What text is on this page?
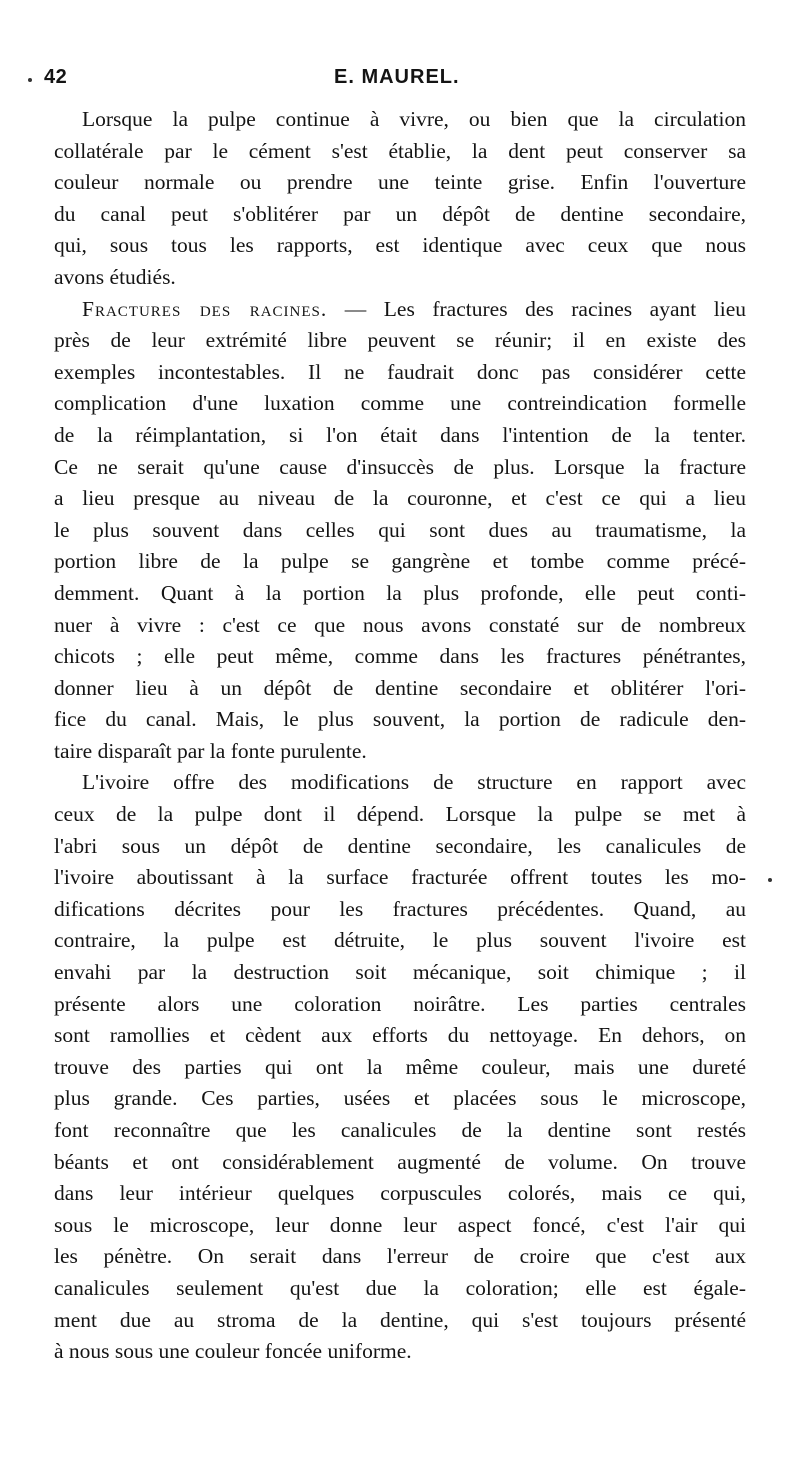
42	E. MAUREL.
Lorsque la pulpe continue à vivre, ou bien que la circulation
collatérale par le cément s'est établie, la dent peut conserver sa
couleur normale ou prendre une teinte grise. Enfin l'ouverture
du canal peut s'oblitérer par un dépôt de dentine secondaire,
qui, sous tous les rapports, est identique avec ceux que nous
avons étudiés.
Fractures des racines. — Les fractures des racines ayant lieu
près de leur extrémité libre peuvent se réunir; il en existe des
exemples incontestables. Il ne faudrait donc pas considérer cette
complication d'une luxation comme une contreindication formelle
de la réimplantation, si l'on était dans l'intention de la tenter.
Ce ne serait qu'une cause d'insuccès de plus. Lorsque la fracture
a lieu presque au niveau de la couronne, et c'est ce qui a lieu
le plus souvent dans celles qui sont dues au traumatisme, la
portion libre de la pulpe se gangrène et tombe comme précé-
demment. Quant à la portion la plus profonde, elle peut conti-
nuer à vivre : c'est ce que nous avons constaté sur de nombreux
chicots ; elle peut même, comme dans les fractures pénétrantes,
donner lieu à un dépôt de dentine secondaire et oblitérer l'ori-
fice du canal. Mais, le plus souvent, la portion de radicule den-
taire disparaît par la fonte purulente.
L'ivoire offre des modifications de structure en rapport avec
ceux de la pulpe dont il dépend. Lorsque la pulpe se met à
l'abri sous un dépôt de dentine secondaire, les canalicules de
l'ivoire aboutissant à la surface fracturée offrent toutes les mo-
difications décrites pour les fractures précédentes. Quand, au
contraire, la pulpe est détruite, le plus souvent l'ivoire est
envahi par la destruction soit mécanique, soit chimique ; il
présente alors une coloration noirâtre. Les parties centrales
sont ramollies et cèdent aux efforts du nettoyage. En dehors, on
trouve des parties qui ont la même couleur, mais une dureté
plus grande. Ces parties, usées et placées sous le microscope,
font reconnaître que les canalicules de la dentine sont restés
béants et ont considérablement augmenté de volume. On trouve
dans leur intérieur quelques corpuscules colorés, mais ce qui,
sous le microscope, leur donne leur aspect foncé, c'est l'air qui
les pénètre. On serait dans l'erreur de croire que c'est aux
canalicules seulement qu'est due la coloration; elle est égale-
ment due au stroma de la dentine, qui s'est toujours présenté
à nous sous une couleur foncée uniforme.
